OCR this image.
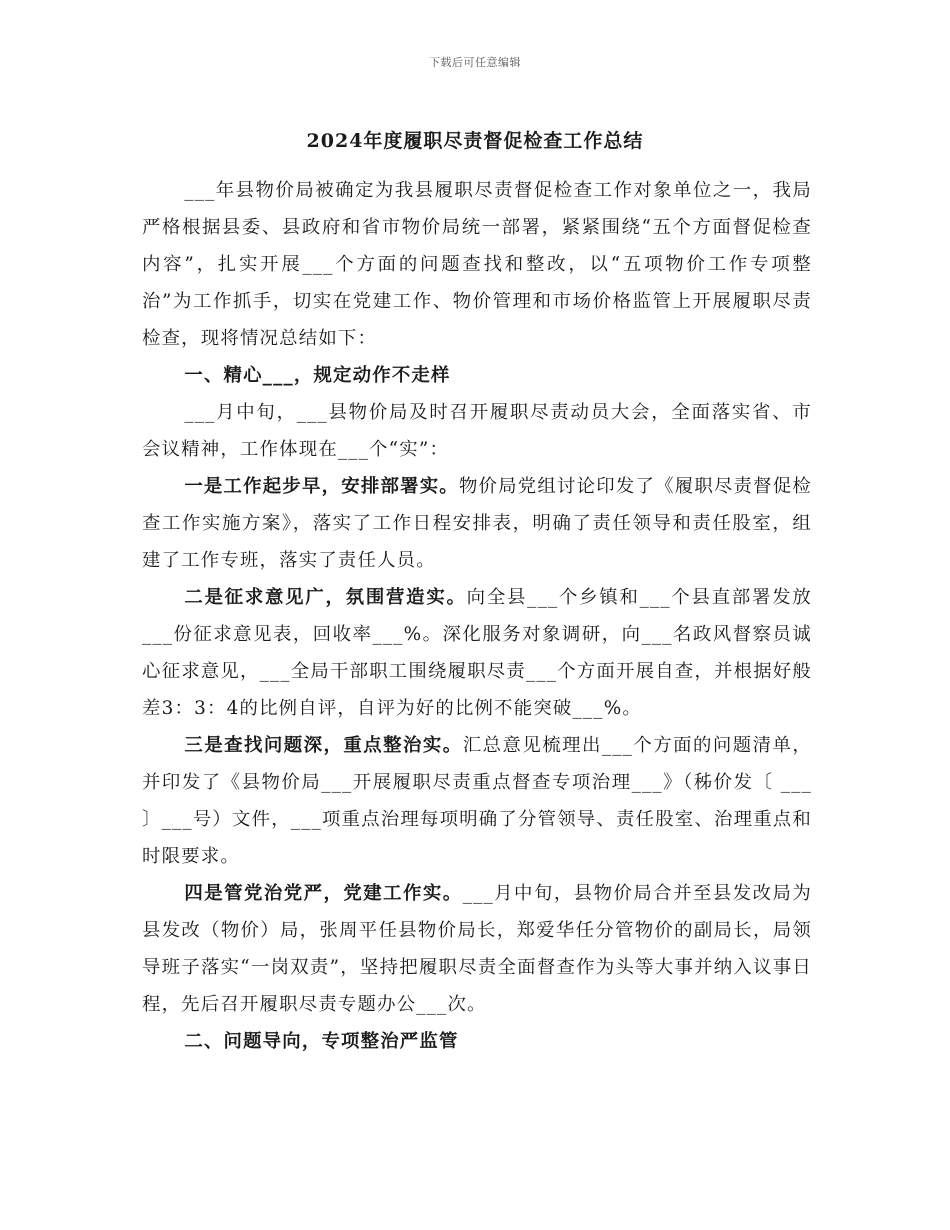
下载后可任意编辑
2024年度履职尽责督促检查工作总结

___年县物价局被确定为我县履职尽责督促检查工作对象单位之一，我局严格根据县委、县政府和省市物价局统一部署，紧紧围绕“五个方面督促检查内容”，扎实开展___个方面的问题查找和整改，以“五项物价工作专项整治”为工作抓手，切实在党建工作、物价管理和市场价格监管上开展履职尽责检查，现将情况总结如下：

一、精心___，规定动作不走样

___月中旬，___县物价局及时召开履职尽责动员大会，全面落实省、市会议精神，工作体现在___个“实”：

一是工作起步早，安排部署实。物价局党组讨论印发了《履职尽责督促检查工作实施方案》，落实了工作日程安排表，明确了责任领导和责任股室，组建了工作专班，落实了责任人员。

二是征求意见广，氛围营造实。向全县___个乡镇和___个县直部署发放___份征求意见表，回收率___%。深化服务对象调研，向___名政风督察员诚心征求意见，___全局干部职工围绕履职尽责___个方面开展自查，并根据好般差3：3：4的比例自评，自评为好的比例不能突破___%。

三是查找问题深，重点整治实。汇总意见梳理出___个方面的问题清单，并印发了《县物价局___开展履职尽责重点督查专项治理___》（秭价发〔 ___ 〕___号）文件，___项重点治理每项明确了分管领导、责任股室、治理重点和时限要求。

四是管党治党严，党建工作实。___月中旬，县物价局合并至县发改局为县发改（物价）局，张周平任县物价局长，郑爱华任分管物价的副局长，局领导班子落实“一岗双责”，坚持把履职尽责全面督查作为头等大事并纳入议事日程，先后召开履职尽责专题办公___次。

二、问题导向，专项整治严监管
